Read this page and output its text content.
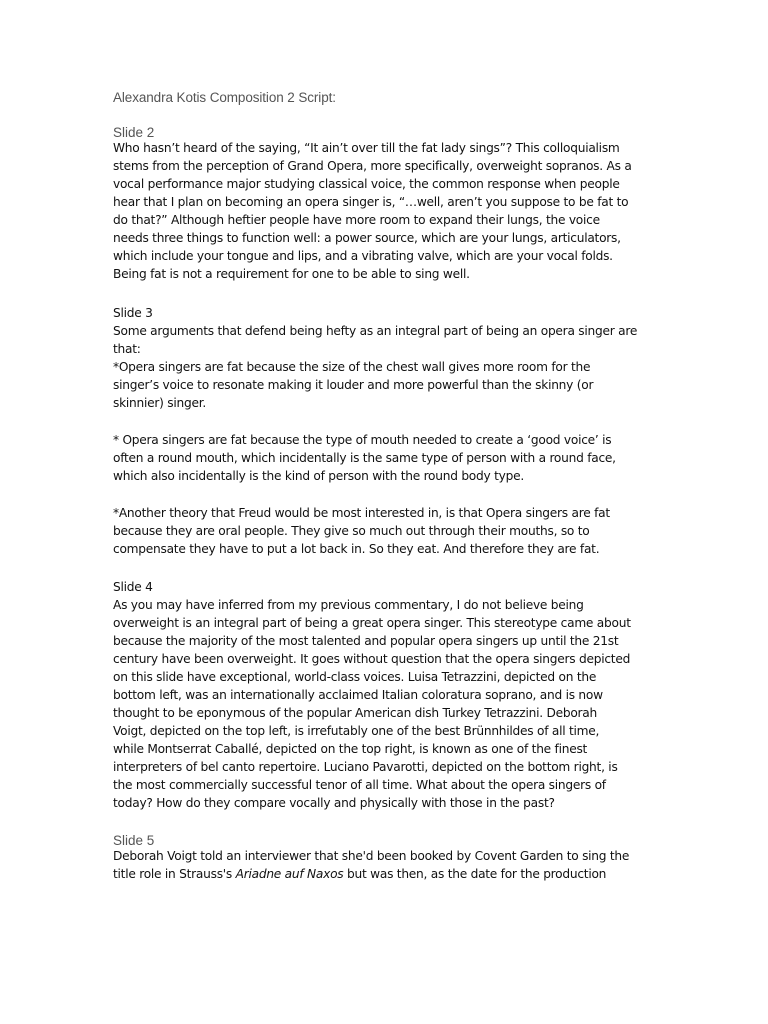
Alexandra Kotis Composition 2 Script:
Slide 2
Who hasn’t heard of the saying, “It ain’t over till the fat lady sings”? This colloquialism
stems from the perception of Grand Opera, more specifically, overweight sopranos. As a
vocal performance major studying classical voice, the common response when people
hear that I plan on becoming an opera singer is, “…well, aren’t you suppose to be fat to
do that?” Although heftier people have more room to expand their lungs, the voice
needs three things to function well: a power source, which are your lungs, articulators,
which include your tongue and lips, and a vibrating valve, which are your vocal folds.
Being fat is not a requirement for one to be able to sing well.
Slide 3
Some arguments that defend being hefty as an integral part of being an opera singer are
that:
*Opera singers are fat because the size of the chest wall gives more room for the
singer’s voice to resonate making it louder and more powerful than the skinny (or
skinnier) singer.
* Opera singers are fat because the type of mouth needed to create a ‘good voice’ is
often a round mouth, which incidentally is the same type of person with a round face,
which also incidentally is the kind of person with the round body type.
*Another theory that Freud would be most interested in, is that Opera singers are fat
because they are oral people. They give so much out through their mouths, so to
compensate they have to put a lot back in. So they eat. And therefore they are fat.
Slide 4
As you may have inferred from my previous commentary, I do not believe being
overweight is an integral part of being a great opera singer. This stereotype came about
because the majority of the most talented and popular opera singers up until the 21st
century have been overweight. It goes without question that the opera singers depicted
on this slide have exceptional, world-class voices. Luisa Tetrazzini, depicted on the
bottom left, was an internationally acclaimed Italian coloratura soprano, and is now
thought to be eponymous of the popular American dish Turkey Tetrazzini. Deborah
Voigt, depicted on the top left, is irrefutably one of the best Brünnhildes of all time,
while Montserrat Caballé, depicted on the top right, is known as one of the finest
interpreters of bel canto repertoire. Luciano Pavarotti, depicted on the bottom right, is
the most commercially successful tenor of all time. What about the opera singers of
today? How do they compare vocally and physically with those in the past?
Slide 5
Deborah Voigt told an interviewer that she'd been booked by Covent Garden to sing the
title role in Strauss's Ariadne auf Naxos but was then, as the date for the production
